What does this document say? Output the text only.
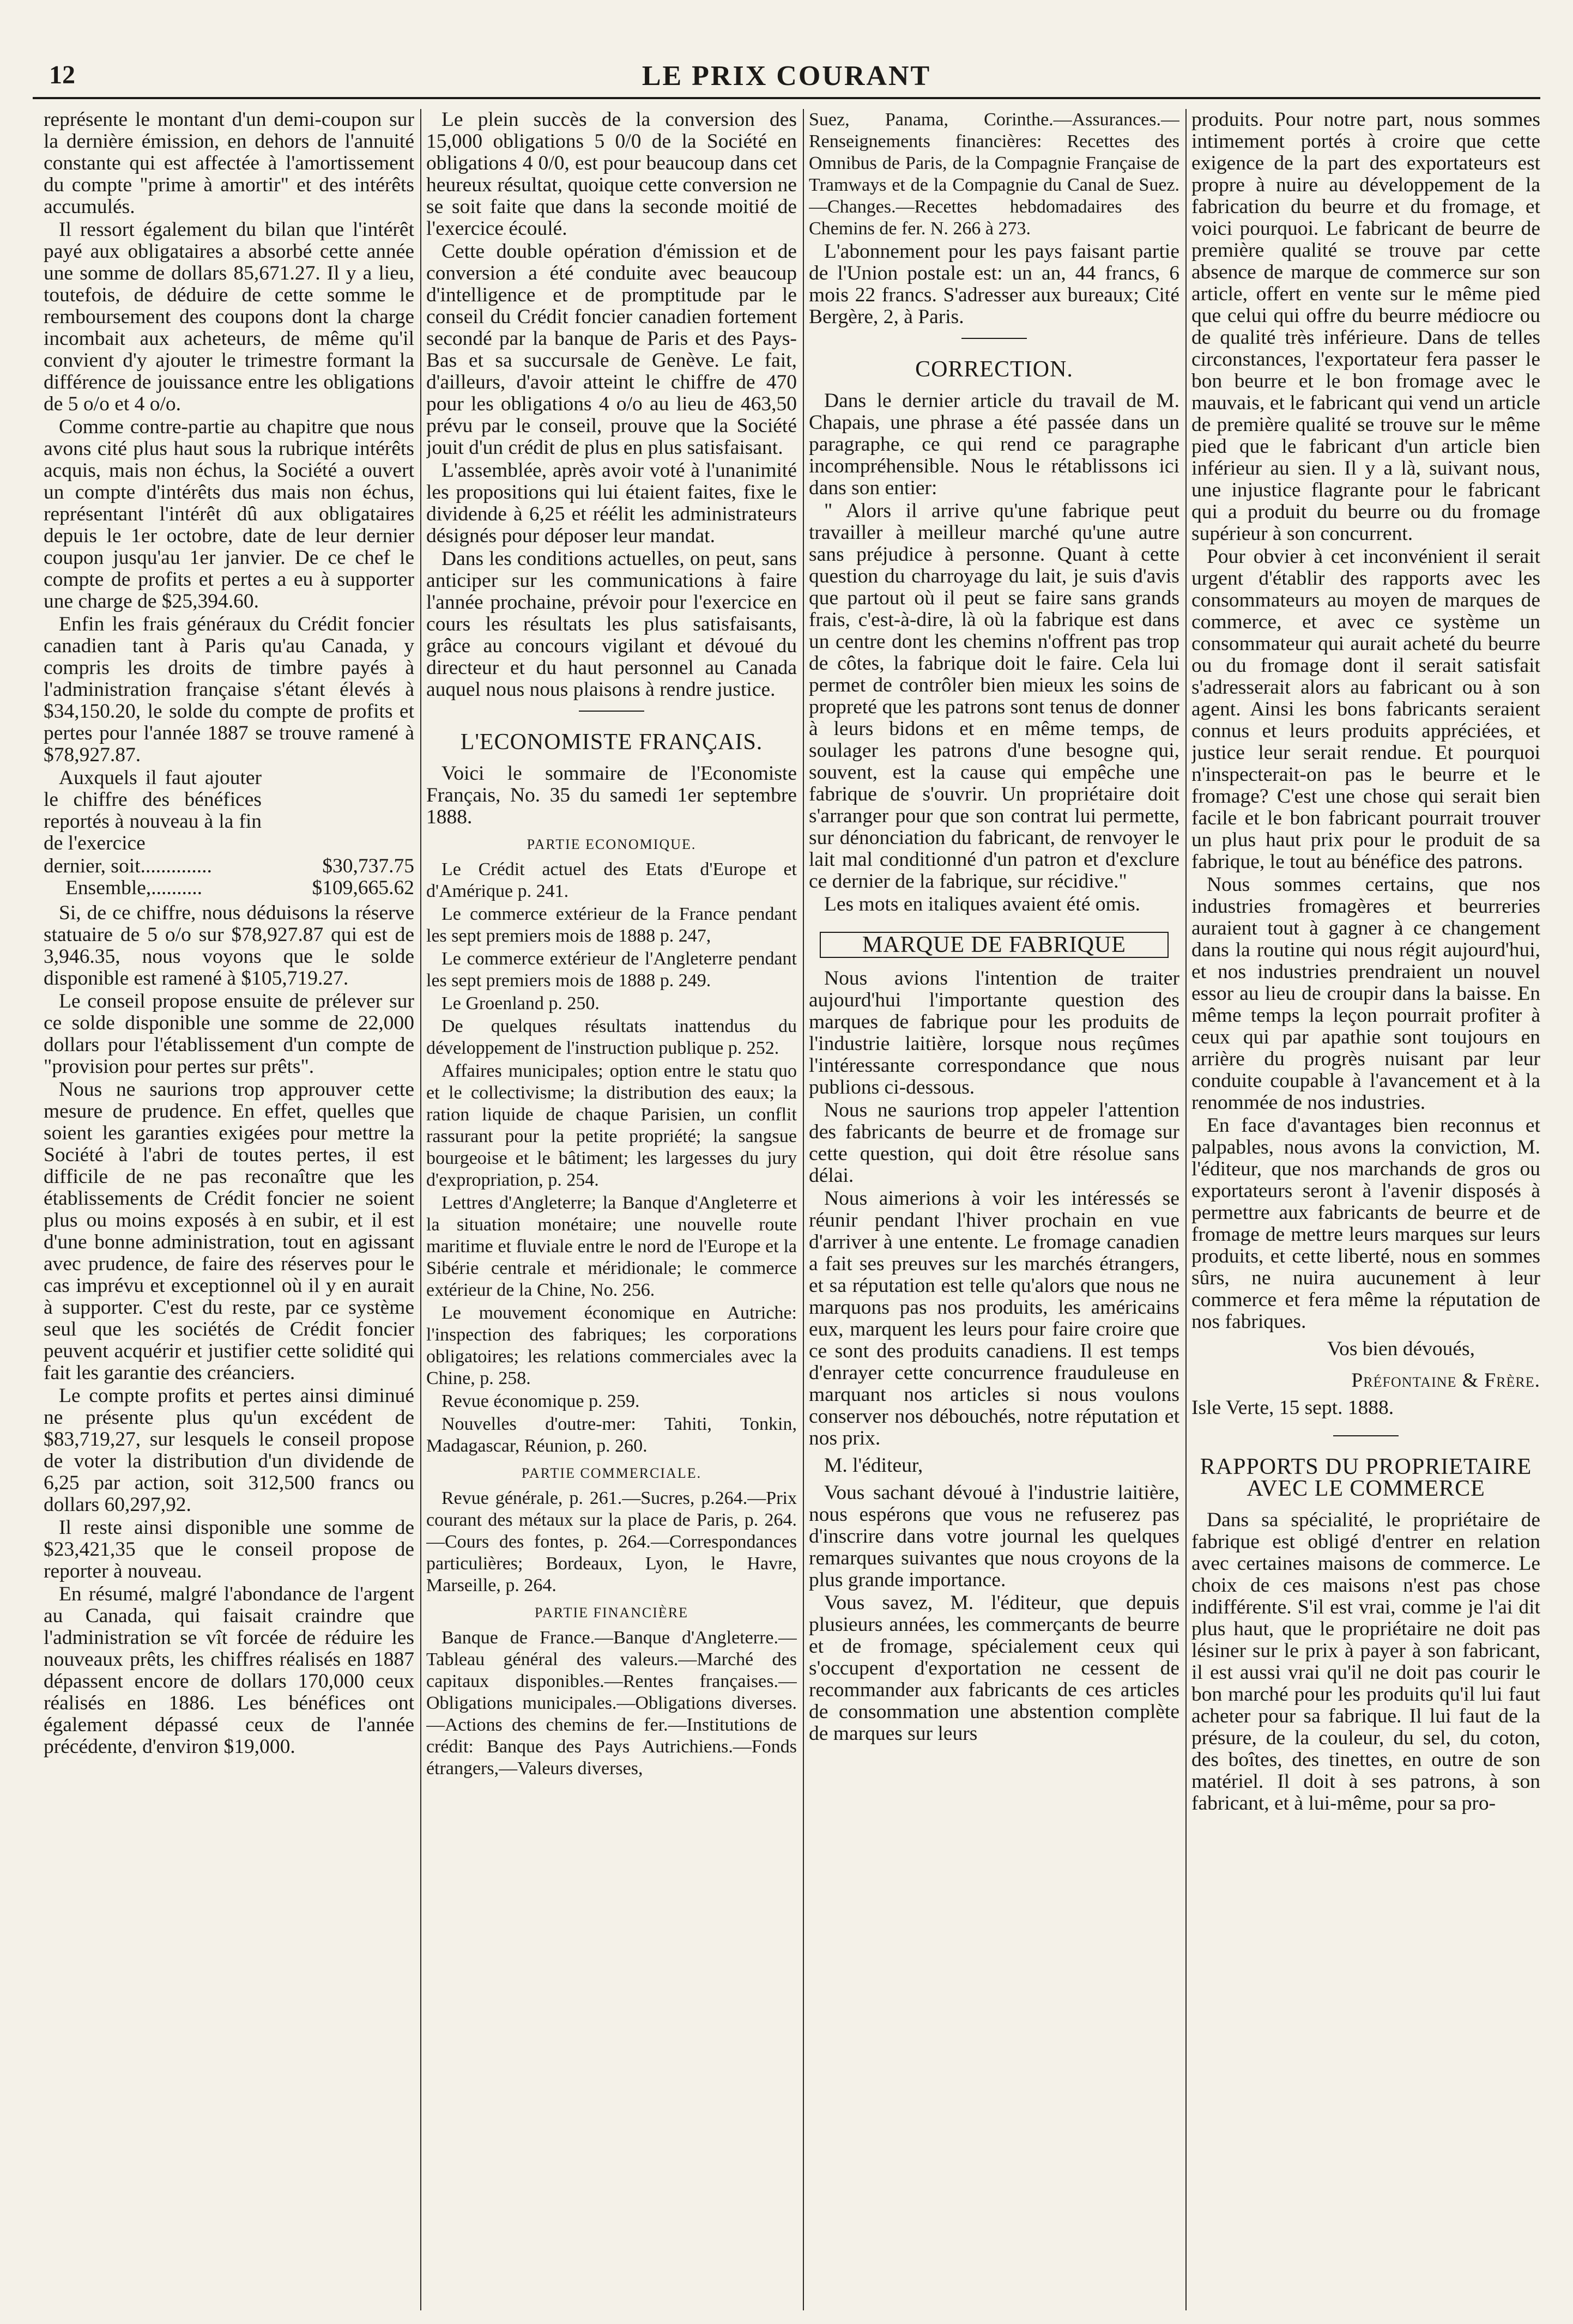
12	LE PRIX COURANT

représente le montant d'un demi-coupon sur la dernière émission, en dehors de l'annuité constante qui est affectée à l'amortissement du compte "prime à amortir" et des intérêts accumulés.

Il ressort également du bilan que l'intérêt payé aux obligataires a absorbé cette année une somme de dollars 85,671.27. Il y a lieu, toutefois, de déduire de cette somme le remboursement des coupons dont la charge incombait aux acheteurs, de même qu'il convient d'y ajouter le trimestre formant la différence de jouissance entre les obligations de 5 o/o et 4 o/o.

Comme contre-partie au chapitre que nous avons cité plus haut sous la rubrique intérêts acquis, mais non échus, la Société a ouvert un compte d'intérêts dus mais non échus, représentant l'intérêt dû aux obligataires depuis le 1er octobre, date de leur dernier coupon jusqu'au 1er janvier. De ce chef le compte de profits et pertes a eu à supporter une charge de $25,394.60.

Enfin les frais généraux du Crédit foncier canadien tant à Paris qu'au Canada, y compris les droits de timbre payés à l'administration française s'étant élevés à $34,150.20, le solde du compte de profits et pertes pour l'année 1887 se trouve ramené à $78,927.87.

Auxquels il faut ajouter le chiffre des bénéfices reportés à nouveau à la fin de l'exercice

dernier, soit ..............	$30,737.75
Ensemble, ..........	$109,665.62

Si, de ce chiffre, nous déduisons la réserve statuaire de 5 o/o sur $78,927.87 qui est de 3,946.35, nous voyons que le solde disponible est ramené à $105,719.27.

Le conseil propose ensuite de prélever sur ce solde disponible une somme de 22,000 dollars pour l'établissement d'un compte de "provision pour pertes sur prêts".

Nous ne saurions trop approuver cette mesure de prudence. En effet, quelles que soient les garanties exigées pour mettre la Société à l'abri de toutes pertes, il est difficile de ne pas reconaître que les établissements de Crédit foncier ne soient plus ou moins exposés à en subir, et il est d'une bonne administration, tout en agissant avec prudence, de faire des réserves pour le cas imprévu et exceptionnel où il y en aurait à supporter. C'est du reste, par ce système seul que les sociétés de Crédit foncier peuvent acquérir et justifier cette solidité qui fait les garantie des créanciers.

Le compte profits et pertes ainsi diminué ne présente plus qu'un excédent de $83,719,27, sur lesquels le conseil propose de voter la distribution d'un dividende de 6,25 par action, soit 312,500 francs ou dollars 60,297,92.

Il reste ainsi disponible une somme de $23,421,35 que le conseil propose de reporter à nouveau.

En résumé, malgré l'abondance de l'argent au Canada, qui faisait craindre que l'administration se vît forcée de réduire les nouveaux prêts, les chiffres réalisés en 1887 dépassent encore de dollars 170,000 ceux réalisés en 1886. Les bénéfices ont également dépassé ceux de l'année précédente, d'environ $19,000.

Le plein succès de la conversion des 15,000 obligations 5 0/0 de la Société en obligations 4 0/0, est pour beaucoup dans cet heureux résultat, quoique cette conversion ne se soit faite que dans la seconde moitié de l'exercice écoulé.

Cette double opération d'émission et de conversion a été conduite avec beaucoup d'intelligence et de promptitude par le conseil du Crédit foncier canadien fortement secondé par la banque de Paris et des Pays-Bas et sa succursale de Genève. Le fait, d'ailleurs, d'avoir atteint le chiffre de 470 pour les obligations 4 o/o au lieu de 463,50 prévu par le conseil, prouve que la Société jouit d'un crédit de plus en plus satisfaisant.

L'assemblée, après avoir voté à l'unanimité les propositions qui lui étaient faites, fixe le dividende à 6,25 et réélit les administrateurs désignés pour déposer leur mandat.

Dans les conditions actuelles, on peut, sans anticiper sur les communications à faire l'année prochaine, prévoir pour l'exercice en cours les résultats les plus satisfaisants, grâce au concours vigilant et dévoué du directeur et du haut personnel au Canada auquel nous nous plaisons à rendre justice.

L'ECONOMISTE FRANÇAIS.

Voici le sommaire de l'Economiste Français, No. 35 du samedi 1er septembre 1888.

PARTIE ECONOMIQUE.

Le Crédit actuel des Etats d'Europe et d'Amérique p. 241.

Le commerce extérieur de la France pendant les sept premiers mois de 1888 p. 247,

Le commerce extérieur de l'Angleterre pendant les sept premiers mois de 1888 p. 249.

Le Groenland p. 250.

De quelques résultats inattendus du développement de l'instruction publique p. 252.

Affaires municipales; option entre le statu quo et le collectivisme; la distribution des eaux; la ration liquide de chaque Parisien, un conflit rassurant pour la petite propriété; la sangsue bourgeoise et le bâtiment; les largesses du jury d'expropriation, p. 254.

Lettres d'Angleterre; la Banque d'Angleterre et la situation monétaire; une nouvelle route maritime et fluviale entre le nord de l'Europe et la Sibérie centrale et méridionale; le commerce extérieur de la Chine, No. 256.

Le mouvement économique en Autriche: l'inspection des fabriques; les corporations obligatoires; les relations commerciales avec la Chine, p. 258.

Revue économique p. 259.

Nouvelles d'outre-mer: Tahiti, Tonkin, Madagascar, Réunion, p. 260.

PARTIE COMMERCIALE.

Revue générale, p. 261.—Sucres, p.264.—Prix courant des métaux sur la place de Paris, p. 264.—Cours des fontes, p. 264.—Correspondances particulières; Bordeaux, Lyon, le Havre, Marseille, p. 264.

PARTIE FINANCIÈRE

Banque de France.—Banque d'Angleterre.—Tableau général des valeurs.—Marché des capitaux disponibles.—Rentes françaises.—Obligations municipales.—Obligations diverses.—Actions des chemins de fer.—Institutions de crédit: Banque des Pays Autrichiens.—Fonds étrangers,—Valeurs diverses,

Suez, Panama, Corinthe.—Assurances.—Renseignements financières: Recettes des Omnibus de Paris, de la Compagnie Française de Tramways et de la Compagnie du Canal de Suez.—Changes.—Recettes hebdomadaires des Chemins de fer. N. 266 à 273.

L'abonnement pour les pays faisant partie de l'Union postale est: un an, 44 francs, 6 mois 22 francs. S'adresser aux bureaux; Cité Bergère, 2, à Paris.

CORRECTION.

Dans le dernier article du travail de M. Chapais, une phrase a été passée dans un paragraphe, ce qui rend ce paragraphe incompréhensible. Nous le rétablissons ici dans son entier:

" Alors il arrive qu'une fabrique peut travailler à meilleur marché qu'une autre sans préjudice à personne. Quant à cette question du charroyage du lait, je suis d'avis que partout où il peut se faire sans grands frais, c'est-à-dire, là où la fabrique est dans un centre dont les chemins n'offrent pas trop de côtes, la fabrique doit le faire. Cela lui permet de contrôler bien mieux les soins de propreté que les patrons sont tenus de donner à leurs bidons et en même temps, de soulager les patrons d'une besogne qui, souvent, est la cause qui empêche une fabrique de s'ouvrir. Un propriétaire doit s'arranger pour que son contrat lui permette, sur dénonciation du fabricant, de renvoyer le lait mal conditionné d'un patron et d'exclure ce dernier de la fabrique, sur récidive."

Les mots en italiques avaient été omis.

MARQUE DE FABRIQUE

Nous avions l'intention de traiter aujourd'hui l'importante question des marques de fabrique pour les produits de l'industrie laitière, lorsque nous reçûmes l'intéressante correspondance que nous publions ci-dessous.

Nous ne saurions trop appeler l'attention des fabricants de beurre et de fromage sur cette question, qui doit être résolue sans délai.

Nous aimerions à voir les intéressés se réunir pendant l'hiver prochain en vue d'arriver à une entente. Le fromage canadien a fait ses preuves sur les marchés étrangers, et sa réputation est telle qu'alors que nous ne marquons pas nos produits, les américains eux, marquent les leurs pour faire croire que ce sont des produits canadiens. Il est temps d'enrayer cette concurrence frauduleuse en marquant nos articles si nous voulons conserver nos débouchés, notre réputation et nos prix.

M. l'éditeur,

Vous sachant dévoué à l'industrie laitière, nous espérons que vous ne refuserez pas d'inscrire dans votre journal les quelques remarques suivantes que nous croyons de la plus grande importance.

Vous savez, M. l'éditeur, que depuis plusieurs années, les commerçants de beurre et de fromage, spécialement ceux qui s'occupent d'exportation ne cessent de recommander aux fabricants de ces articles de consommation une abstention complète de marques sur leurs

produits. Pour notre part, nous sommes intimement portés à croire que cette exigence de la part des exportateurs est propre à nuire au développement de la fabrication du beurre et du fromage, et voici pourquoi. Le fabricant de beurre de première qualité se trouve par cette absence de marque de commerce sur son article, offert en vente sur le même pied que celui qui offre du beurre médiocre ou de qualité très inférieure. Dans de telles circonstances, l'exportateur fera passer le bon beurre et le bon fromage avec le mauvais, et le fabricant qui vend un article de première qualité se trouve sur le même pied que le fabricant d'un article bien inférieur au sien. Il y a là, suivant nous, une injustice flagrante pour le fabricant qui a produit du beurre ou du fromage supérieur à son concurrent.

Pour obvier à cet inconvénient il serait urgent d'établir des rapports avec les consommateurs au moyen de marques de commerce, et avec ce système un consommateur qui aurait acheté du beurre ou du fromage dont il serait satisfait s'adresserait alors au fabricant ou à son agent. Ainsi les bons fabricants seraient connus et leurs produits appréciées, et justice leur serait rendue. Et pourquoi n'inspecterait-on pas le beurre et le fromage? C'est une chose qui serait bien facile et le bon fabricant pourrait trouver un plus haut prix pour le produit de sa fabrique, le tout au bénéfice des patrons.

Nous sommes certains, que nos industries fromagères et beurreries auraient tout à gagner à ce changement dans la routine qui nous régit aujourd'hui, et nos industries prendraient un nouvel essor au lieu de croupir dans la baisse. En même temps la leçon pourrait profiter à ceux qui par apathie sont toujours en arrière du progrès nuisant par leur conduite coupable à l'avancement et à la renommée de nos industries.

En face d'avantages bien reconnus et palpables, nous avons la conviction, M. l'éditeur, que nos marchands de gros ou exportateurs seront à l'avenir disposés à permettre aux fabricants de beurre et de fromage de mettre leurs marques sur leurs produits, et cette liberté, nous en sommes sûrs, ne nuira aucunement à leur commerce et fera même la réputation de nos fabriques.

Vos bien dévoués,

Préfontaine & Frère.
Isle Verte, 15 sept. 1888.
RAPPORTS DU PROPRIETAIRE AVEC LE COMMERCE

Dans sa spécialité, le propriétaire de fabrique est obligé d'entrer en relation avec certaines maisons de commerce. Le choix de ces maisons n'est pas chose indifférente. S'il est vrai, comme je l'ai dit plus haut, que le propriétaire ne doit pas lésiner sur le prix à payer à son fabricant, il est aussi vrai qu'il ne doit pas courir le bon marché pour les produits qu'il lui faut acheter pour sa fabrique. Il lui faut de la présure, de la couleur, du sel, du coton, des boîtes, des tinettes, en outre de son matériel. Il doit à ses patrons, à son fabricant, et à lui-même, pour sa pro-
